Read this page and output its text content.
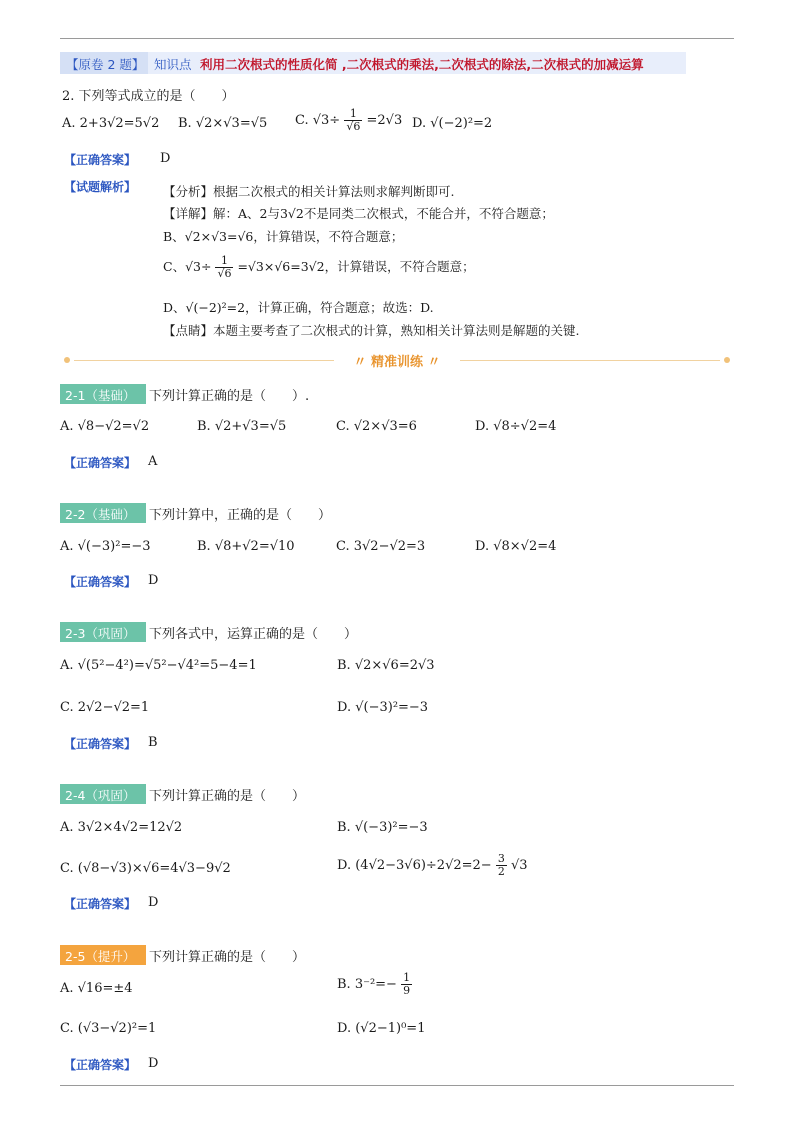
【原卷 2 题】 知识点 利用二次根式的性质化简 ,二次根式的乘法,二次根式的除法,二次根式的加减运算
2. 下列等式成立的是（　　）
A. 2+3√2=5√2 B. √2×√3=√5 C. $√3\div \frac{1}{√6} =2√3$ D. √(−2)²=2
【正确答案】 D
【试题解析】 【分析】根据二次根式的相关计算法则求解判断即可.
【详解】解：A、2与3√2不是同类二次根式，不能合并，不符合题意；
B、√2×√3=√6，计算错误，不符合题意；
C、$√3\div \frac{1}{√6} =√3\times√6=3√2$，计算错误，不符合题意；
D、√(−2)²=2，计算正确，符合题意；故选：D.
【点睛】本题主要考查了二次根式的计算，熟知相关计算法则是解题的关键.
〃 精准训练 〃
2-1（基础） 下列计算正确的是（　　）.
A. √8−√2=√2	B. √2+√3=√5	C. √2×√3=6	D. √8÷√2=4
【正确答案】 A
2-2（基础） 下列计算中，正确的是（　　）
A. √(−3)²=−3	B. √8+√2=√10	C. 3√2−√2=3	D. √8×√2=4
【正确答案】 D
2-3（巩固） 下列各式中，运算正确的是（　　）
A. √(5²−4²)=√5²−√4²=5−4=1	B. √2×√6=2√3
C. 2√2−√2=1	D. √(−3)²=−3
【正确答案】 B
2-4（巩固） 下列计算正确的是（　　）
A. 3√2×4√2=12√2	B. √(−3)²=−3
C. (√8−√3)×√6=4√3−9√2	D. $(4√2-3√6)\div 2√2=2- \frac{3}{2} √3$
【正确答案】 D
2-5（提升） 下列计算正确的是（　　）
A. √16=±4	B. $3^{-2}=- \frac{1}{9}$
C. (√3−√2)²=1	D. (√2−1)⁰=1
【正确答案】 D
